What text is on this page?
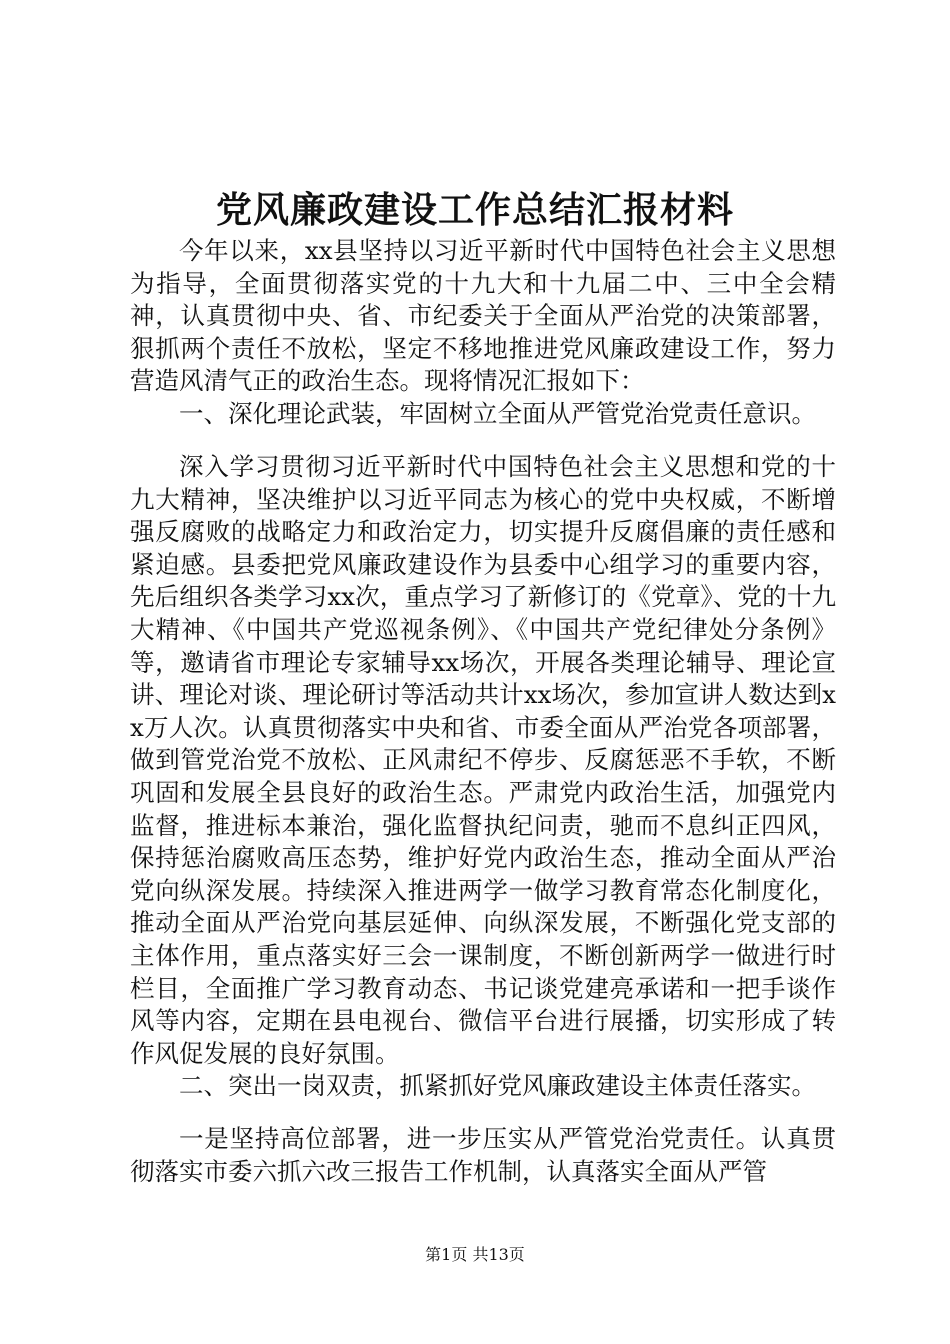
党风廉政建设工作总结汇报材料

今年以来，xx县坚持以习近平新时代中国特色社会主义思想为指导，全面贯彻落实党的十九大和十九届二中、三中全会精神，认真贯彻中央、省、市纪委关于全面从严治党的决策部署，狠抓两个责任不放松，坚定不移地推进党风廉政建设工作，努力营造风清气正的政治生态。现将情况汇报如下：

一、深化理论武装，牢固树立全面从严管党治党责任意识。

深入学习贯彻习近平新时代中国特色社会主义思想和党的十九大精神，坚决维护以习近平同志为核心的党中央权威，不断增强反腐败的战略定力和政治定力，切实提升反腐倡廉的责任感和紧迫感。县委把党风廉政建设作为县委中心组学习的重要内容，先后组织各类学习xx次，重点学习了新修订的《党章》、党的十九大精神、《中国共产党巡视条例》、《中国共产党纪律处分条例》等，邀请省市理论专家辅导xx场次，开展各类理论辅导、理论宣讲、理论对谈、理论研讨等活动共计xx场次，参加宣讲人数达到xx万人次。认真贯彻落实中央和省、市委全面从严治党各项部署，做到管党治党不放松、正风肃纪不停步、反腐惩恶不手软，不断巩固和发展全县良好的政治生态。严肃党内政治生活，加强党内监督，推进标本兼治，强化监督执纪问责，驰而不息纠正四风，保持惩治腐败高压态势，维护好党内政治生态，推动全面从严治党向纵深发展。持续深入推进两学一做学习教育常态化制度化，推动全面从严治党向基层延伸、向纵深发展，不断强化党支部的主体作用，重点落实好三会一课制度，不断创新两学一做进行时栏目，全面推广学习教育动态、书记谈党建亮承诺和一把手谈作风等内容，定期在县电视台、微信平台进行展播，切实形成了转作风促发展的良好氛围。

二、突出一岗双责，抓紧抓好党风廉政建设主体责任落实。

一是坚持高位部署，进一步压实从严管党治党责任。认真贯彻落实市委六抓六改三报告工作机制，认真落实全面从严管

第1页 共13页
